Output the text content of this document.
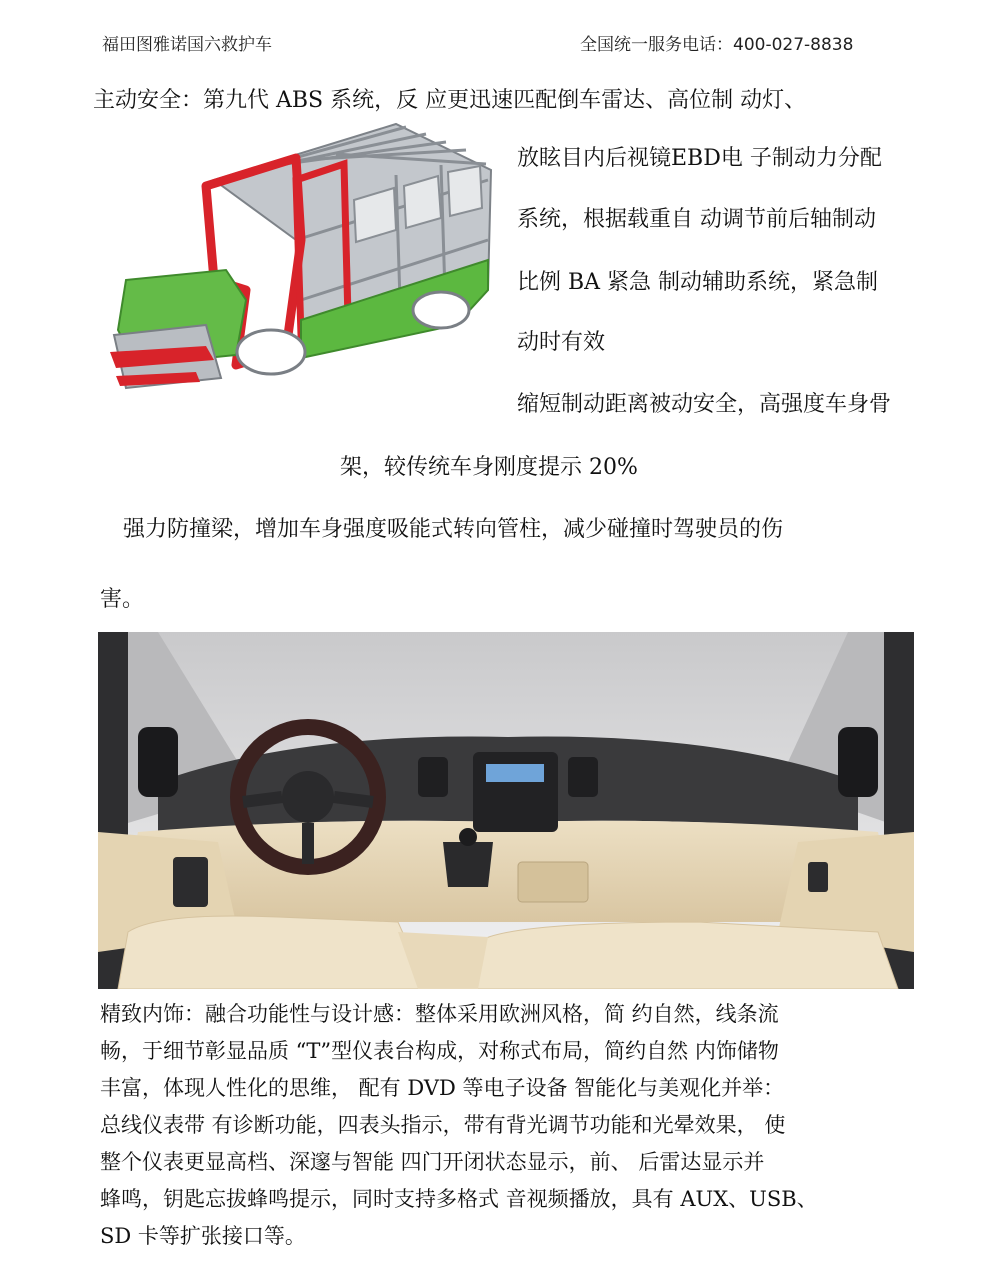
福田图雅诺国六救护车	全国统一服务电话：400-027-8838
主动安全：第九代 ABS 系统，反 应更迅速匹配倒车雷达、高位制 动灯、
放眩目内后视镜EBD电 子制动力分配
系统，根据载重自 动调节前后轴制动
比例 BA 紧急 制动辅助系统，紧急制
动时有效
缩短制动距离被动安全，高强度车身骨
架，较传统车身刚度提示 20%
强力防撞梁，增加车身强度吸能式转向管柱，减少碰撞时驾驶员的伤
害。
精致内饰：融合功能性与设计感：整体采用欧洲风格，简 约自然，线条流
畅，于细节彰显品质 “T”型仪表台构成，对称式布局，简约自然 内饰储物
丰富，体现人性化的思维， 配有 DVD 等电子设备 智能化与美观化并举：
总线仪表带 有诊断功能，四表头指示，带有背光调节功能和光晕效果， 使
整个仪表更显高档、深邃与智能 四门开闭状态显示，前、 后雷达显示并
蜂鸣，钥匙忘拔蜂鸣提示，同时支持多格式 音视频播放，具有 AUX、USB、
SD 卡等扩张接口等。
